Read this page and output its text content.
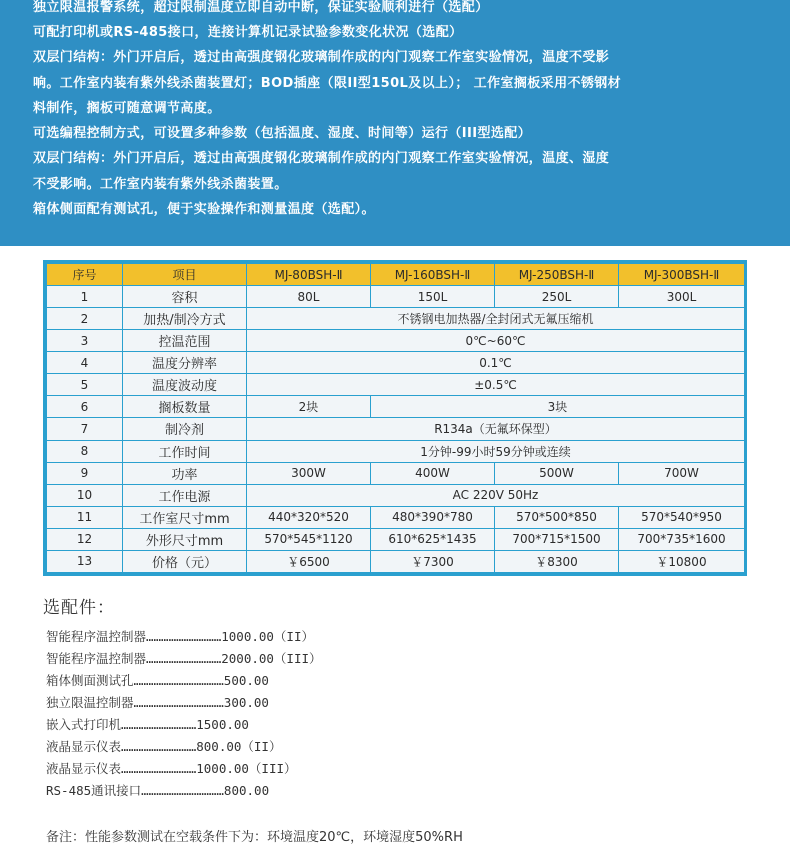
独立限温报警系统，超过限制温度立即自动中断，保证实验顺利进行（选配）
可配打印机或RS-485接口，连接计算机记录试验参数变化状况（选配）
双层门结构：外门开启后，透过由高强度钢化玻璃制作成的内门观察工作室实验情况，温度不受影
响。工作室内装有紫外线杀菌装置灯；BOD插座（限II型150L及以上）； 工作室搁板采用不锈钢材
料制作，搁板可随意调节高度。
可选编程控制方式，可设置多种参数（包括温度、湿度、时间等）运行（III型选配）
双层门结构：外门开启后，透过由高强度钢化玻璃制作成的内门观察工作室实验情况，温度、湿度
不受影响。工作室内装有紫外线杀菌装置。
箱体侧面配有测试孔，便于实验操作和测量温度（选配）。
序号	项目	MJ-80BSH-Ⅱ	MJ-160BSH-Ⅱ	MJ-250BSH-Ⅱ	MJ-300BSH-Ⅱ
1	容积	80L	150L	250L	300L
2	加热/制冷方式	不锈钢电加热器/全封闭式无氟压缩机			
3	控温范围	0℃~60℃			
4	温度分辨率	0.1℃			
5	温度波动度	±0.5℃			
6	搁板数量	2块	3块		
7	制冷剂	R134a（无氟环保型）			
8	工作时间	1分钟-99小时59分钟或连续			
9	功率	300W	400W	500W	700W
10	工作电源	AC 220V 50Hz			
11	工作室尺寸mm	440*320*520	480*390*780	570*500*850	570*540*950
12	外形尺寸mm	570*545*1120	610*625*1435	700*715*1500	700*735*1600
13	价格（元）	￥6500	￥7300	￥8300	￥10800
选配件：
智能程序温控制器…………………………1000.00（II）
智能程序温控制器…………………………2000.00（III）
箱体侧面测试孔………………………………500.00
独立限温控制器………………………………300.00
嵌入式打印机…………………………1500.00
液晶显示仪表…………………………800.00（II）
液晶显示仪表…………………………1000.00（III）
RS-485通讯接口……………………………800.00
备注：性能参数测试在空载条件下为：环境温度20℃，环境湿度50%RH
